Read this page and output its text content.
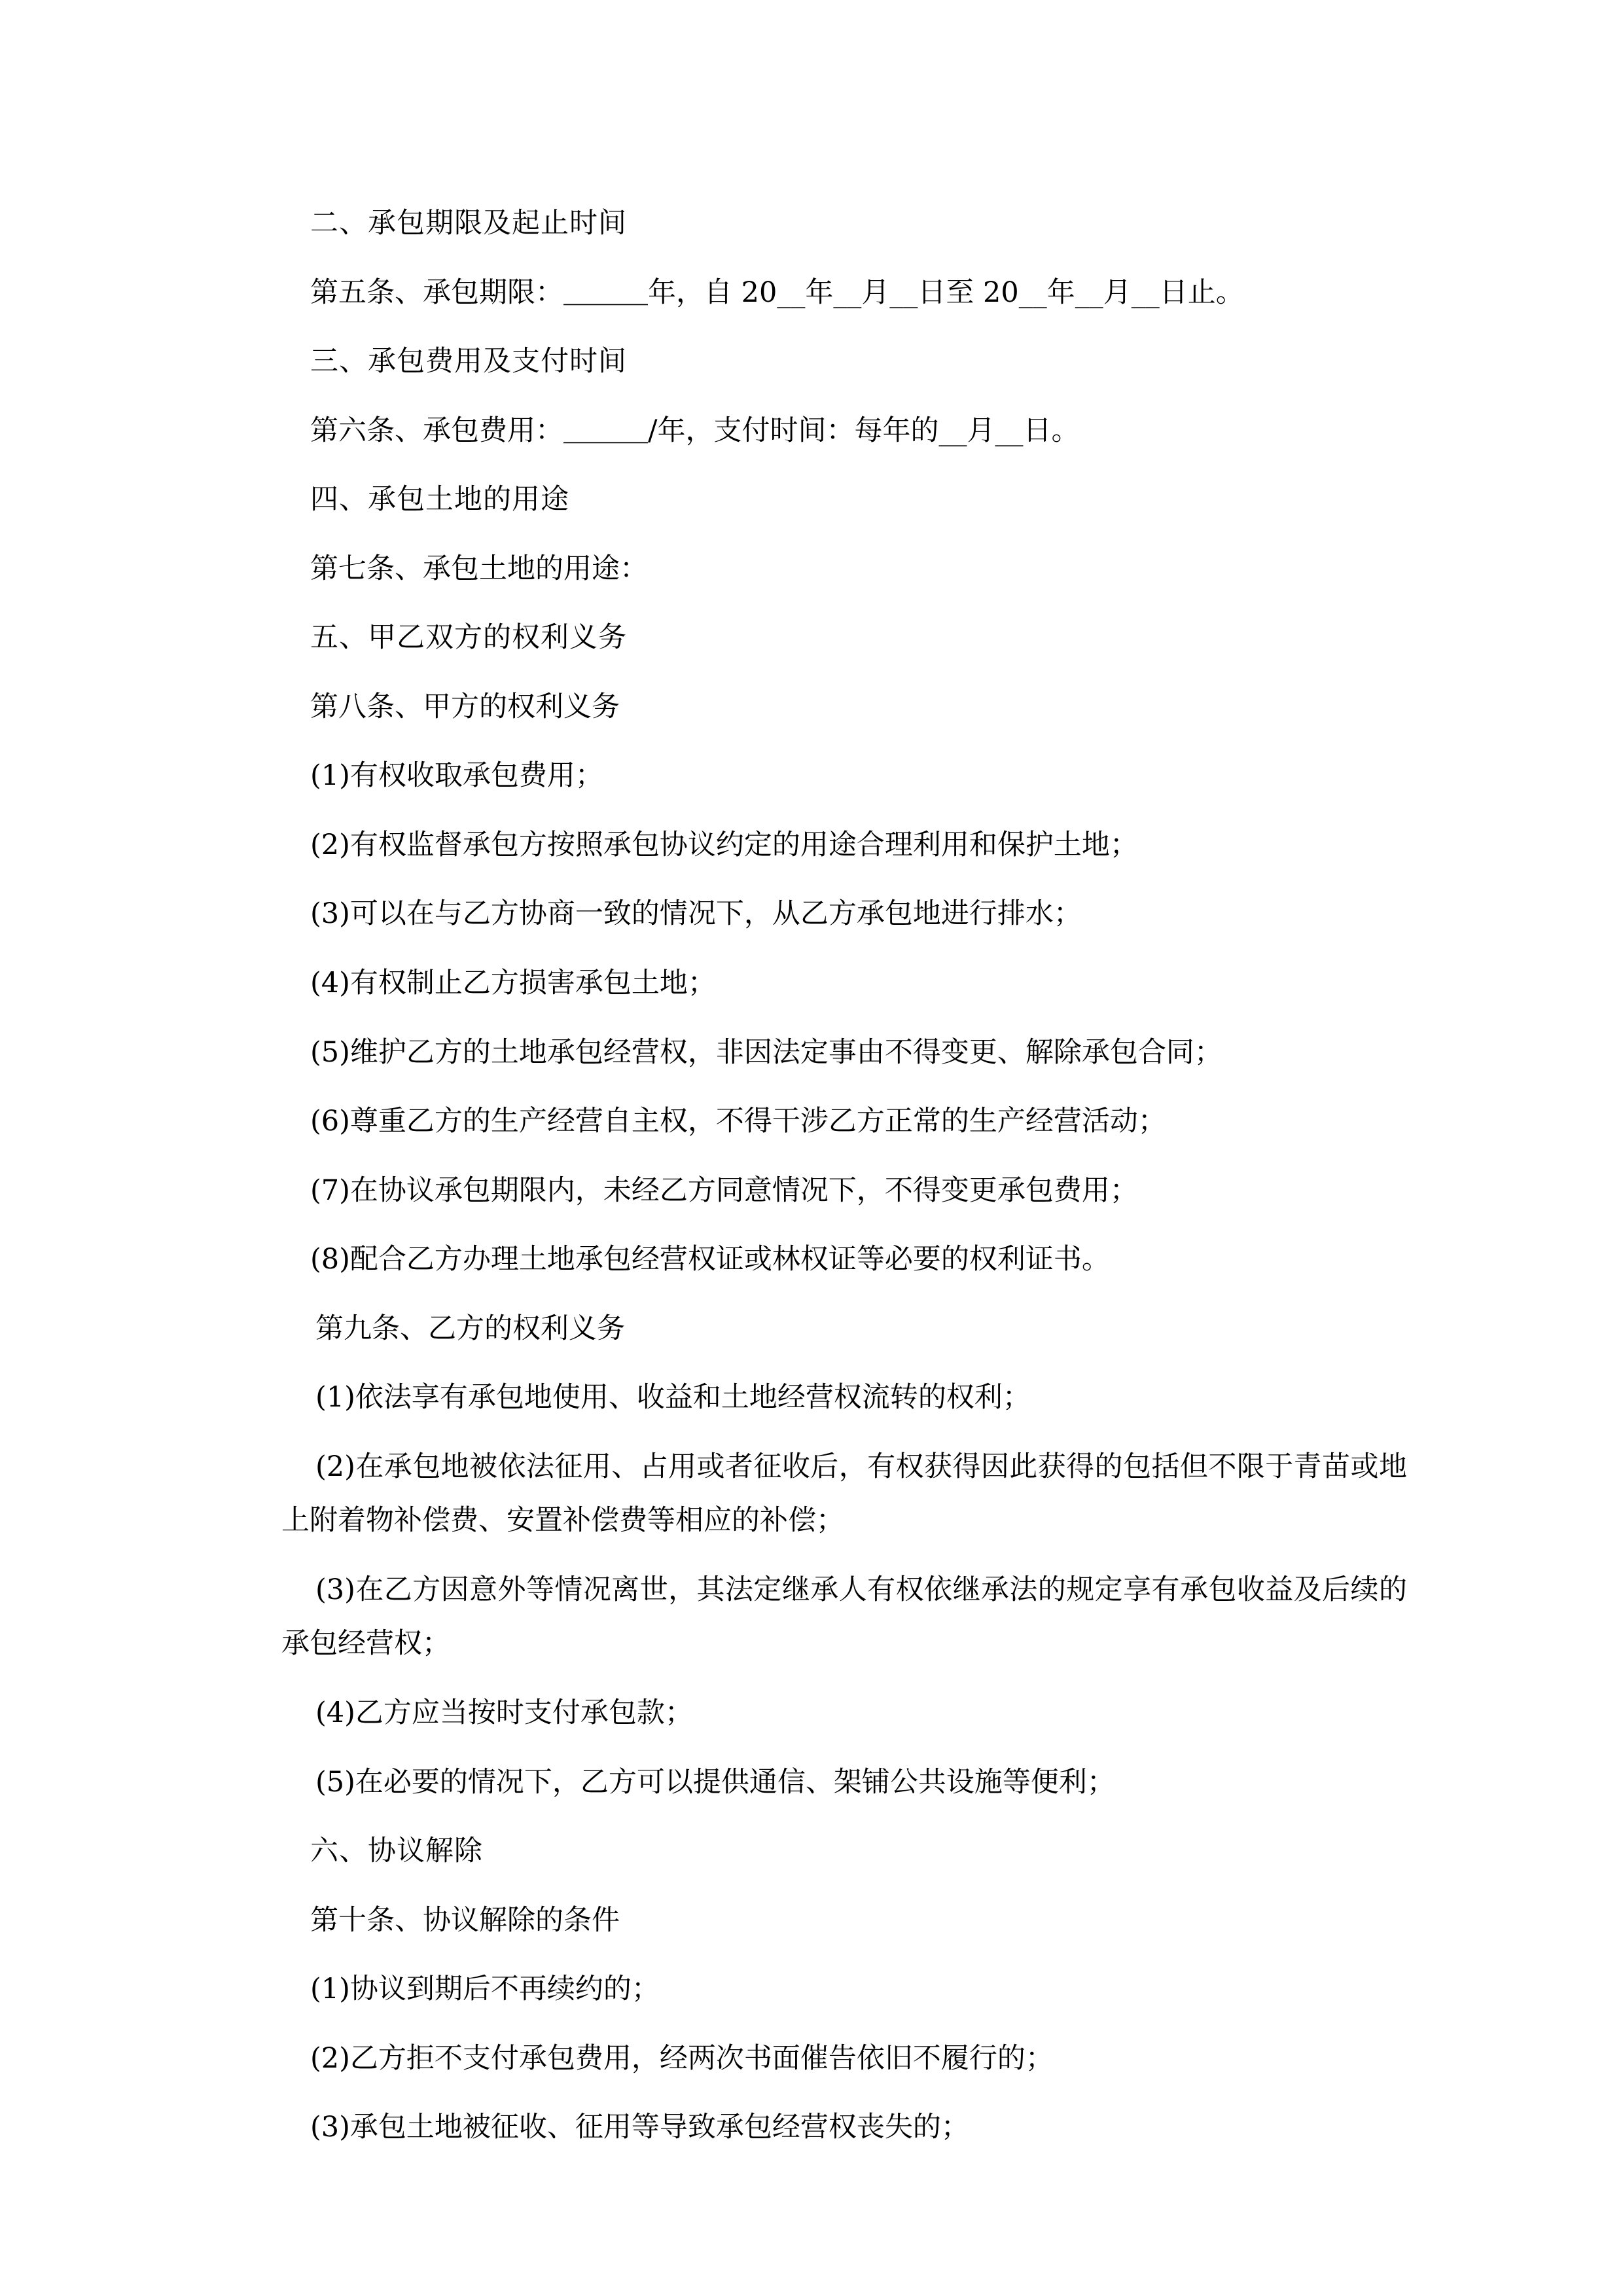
二、承包期限及起止时间

第五条、承包期限：＿＿＿年，自 20__年__月__日至 20__年__月__日止。

三、承包费用及支付时间

第六条、承包费用：＿＿＿/年，支付时间：每年的__月__日。

四、承包土地的用途

第七条、承包土地的用途：

五、甲乙双方的权利义务

第八条、甲方的权利义务

(1)有权收取承包费用；

(2)有权监督承包方按照承包协议约定的用途合理利用和保护土地；

(3)可以在与乙方协商一致的情况下，从乙方承包地进行排水；

(4)有权制止乙方损害承包土地；

(5)维护乙方的土地承包经营权，非因法定事由不得变更、解除承包合同；

(6)尊重乙方的生产经营自主权，不得干涉乙方正常的生产经营活动；

(7)在协议承包期限内，未经乙方同意情况下，不得变更承包费用；

(8)配合乙方办理土地承包经营权证或林权证等必要的权利证书。

第九条、乙方的权利义务

(1)依法享有承包地使用、收益和土地经营权流转的权利；

(2)在承包地被依法征用、占用或者征收后，有权获得因此获得的包括但不限于青苗或地上附着物补偿费、安置补偿费等相应的补偿；

(3)在乙方因意外等情况离世，其法定继承人有权依继承法的规定享有承包收益及后续的承包经营权；

(4)乙方应当按时支付承包款；

(5)在必要的情况下，乙方可以提供通信、架铺公共设施等便利；

六、协议解除

第十条、协议解除的条件

(1)协议到期后不再续约的；

(2)乙方拒不支付承包费用，经两次书面催告依旧不履行的；

(3)承包土地被征收、征用等导致承包经营权丧失的；
